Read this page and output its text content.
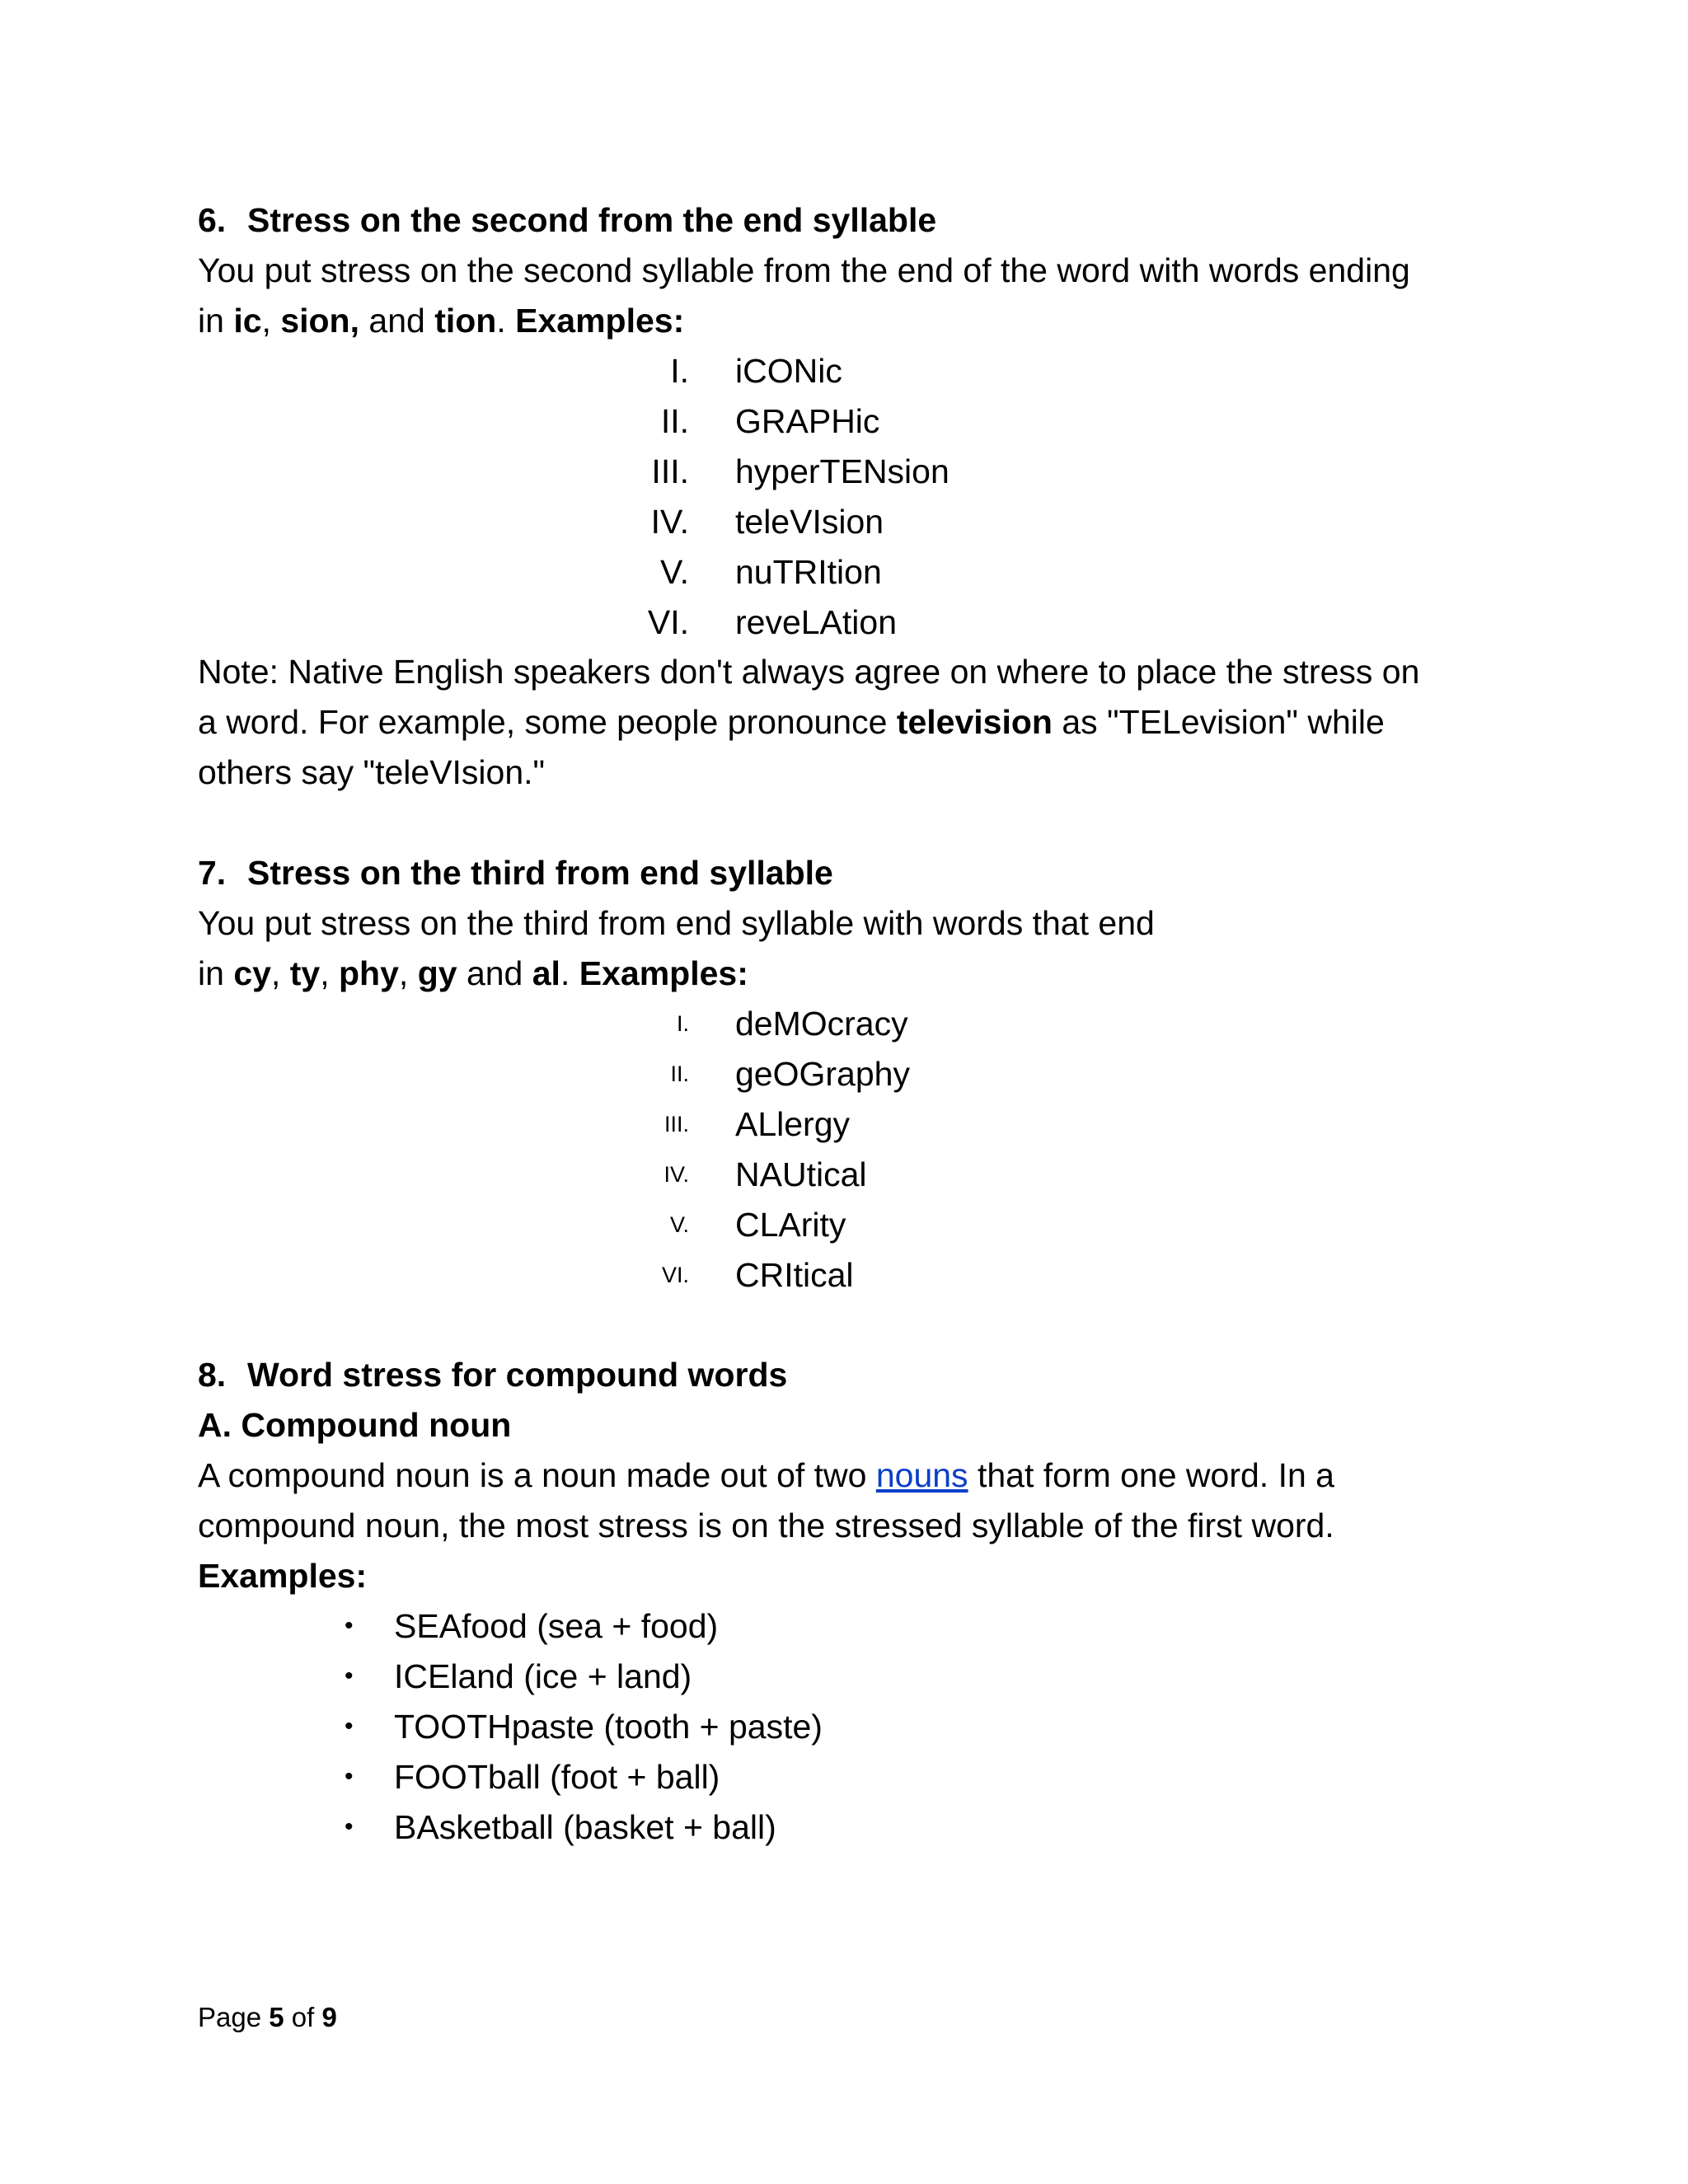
6. Stress on the second from the end syllable
You put stress on the second syllable from the end of the word with words ending
in ic, sion, and tion. Examples:
I. iCONic
II. GRAPHic
III. hyperTENsion
IV. teleVIsion
V. nuTRItion
VI. reveLAtion
Note: Native English speakers don't always agree on where to place the stress on
a word. For example, some people pronounce television as "TELevision" while
others say "teleVIsion."
7. Stress on the third from end syllable
You put stress on the third from end syllable with words that end
in cy, ty, phy, gy and al. Examples:
I. deMOcracy
II. geOGraphy
III. ALlergy
IV. NAUtical
V. CLArity
VI. CRItical
8. Word stress for compound words
A. Compound noun
A compound noun is a noun made out of two nouns that form one word. In a
compound noun, the most stress is on the stressed syllable of the first word.
Examples:
• SEAfood (sea + food)
• ICEland (ice + land)
• TOOTHpaste (tooth + paste)
• FOOTball (foot + ball)
• BAsketball (basket + ball)
Page 5 of 9
